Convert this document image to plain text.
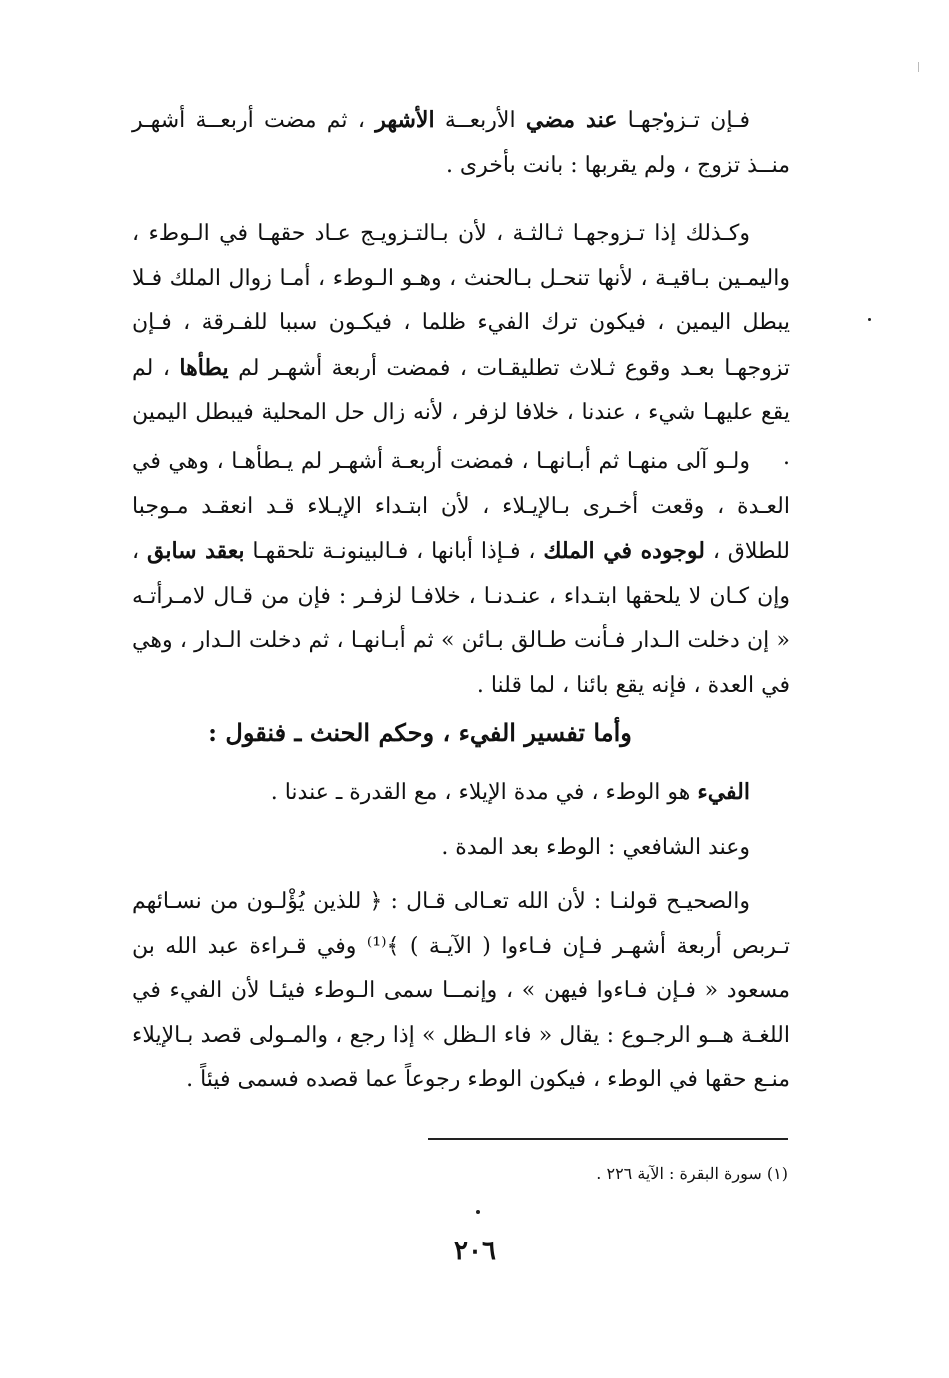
فـإن تـزوجهـا عند مضي الأربعــة الأشهر ، ثم مضت أربعــة أشهـر منــذ تزوج ، ولم يقربها : بانت بأخرى .

وكـذلك إذا تـزوجهـا ثـالثـة ، لأن بـالتـزويـج عـاد حقهـا في الـوطء ، واليمـين بـاقيـة ، لأنها تنحـل بـالحنث ، وهـو الـوطء ، أمـا زوال الملك فـلا يبطل اليمين ، فيكون ترك الفيء ظلما ، فيكـون سببا للفـرقة ، فـإن تزوجهـا بعـد وقوع ثـلاث تطليقـات ، فمضت أربعة أشهـر لم يطأها ، لم يقع عليهـا شيء ، عندنا ، خلافا لزفر ، لأنه زال حل المحلية فيبطل اليمين .

ولـو آلى منهـا ثم أبـانهـا ، فمضت أربعـة أشهـر لم يـطأهـا ، وهي في العـدة ، وقعت أخـرى بـالإيـلاء ، لأن ابتـداء الإيـلاء قـد انعقـد مـوجبا للطلاق ، لوجوده في الملك ، فـإذا أبانها ، فـالبينونـة تلحقهـا بعقد سابق ، وإن كـان لا يلحقها ابتـداء ، عنـدنـا ، خلافـا لزفـر : فإن من قـال لامـرأتـه « إن دخلت الـدار فـأنت طـالق بـائن » ثم أبـانهـا ، ثم دخلت الـدار ، وهي في العدة ، فإنه يقع بائنا ، لما قلنا .

وأما تفسير الفيء ، وحكم الحنث ـ فنقول :

الفيء هو الوطء ، في مدة الإيلاء ، مع القدرة ـ عندنا .

وعند الشافعي : الوطء بعد المدة .

والصحيـح قولنـا : لأن الله تعـالى قـال : ﴿ للذين يُؤْلـون من نسـائهم تـربص أربعة أشهـر فـإن فـاءوا ( الآيـة ) ﴾⁽¹⁾ وفي قـراءة عبد الله بن مسعود « فـإن فـاءوا فيهن » ، وإنمــا سمى الـوطء فيئـا لأن الفيء في اللغـة هــو الرجـوع : يقال « فاء الـظل » إذا رجع ، والمـولى قصد بـالإيلاء منـع حقها في الوطء ، فيكون الوطء رجوعاً عما قصده فسمى فيئاً .

(١) سورة البقرة : الآية ٢٢٦ .
٢٠٦
